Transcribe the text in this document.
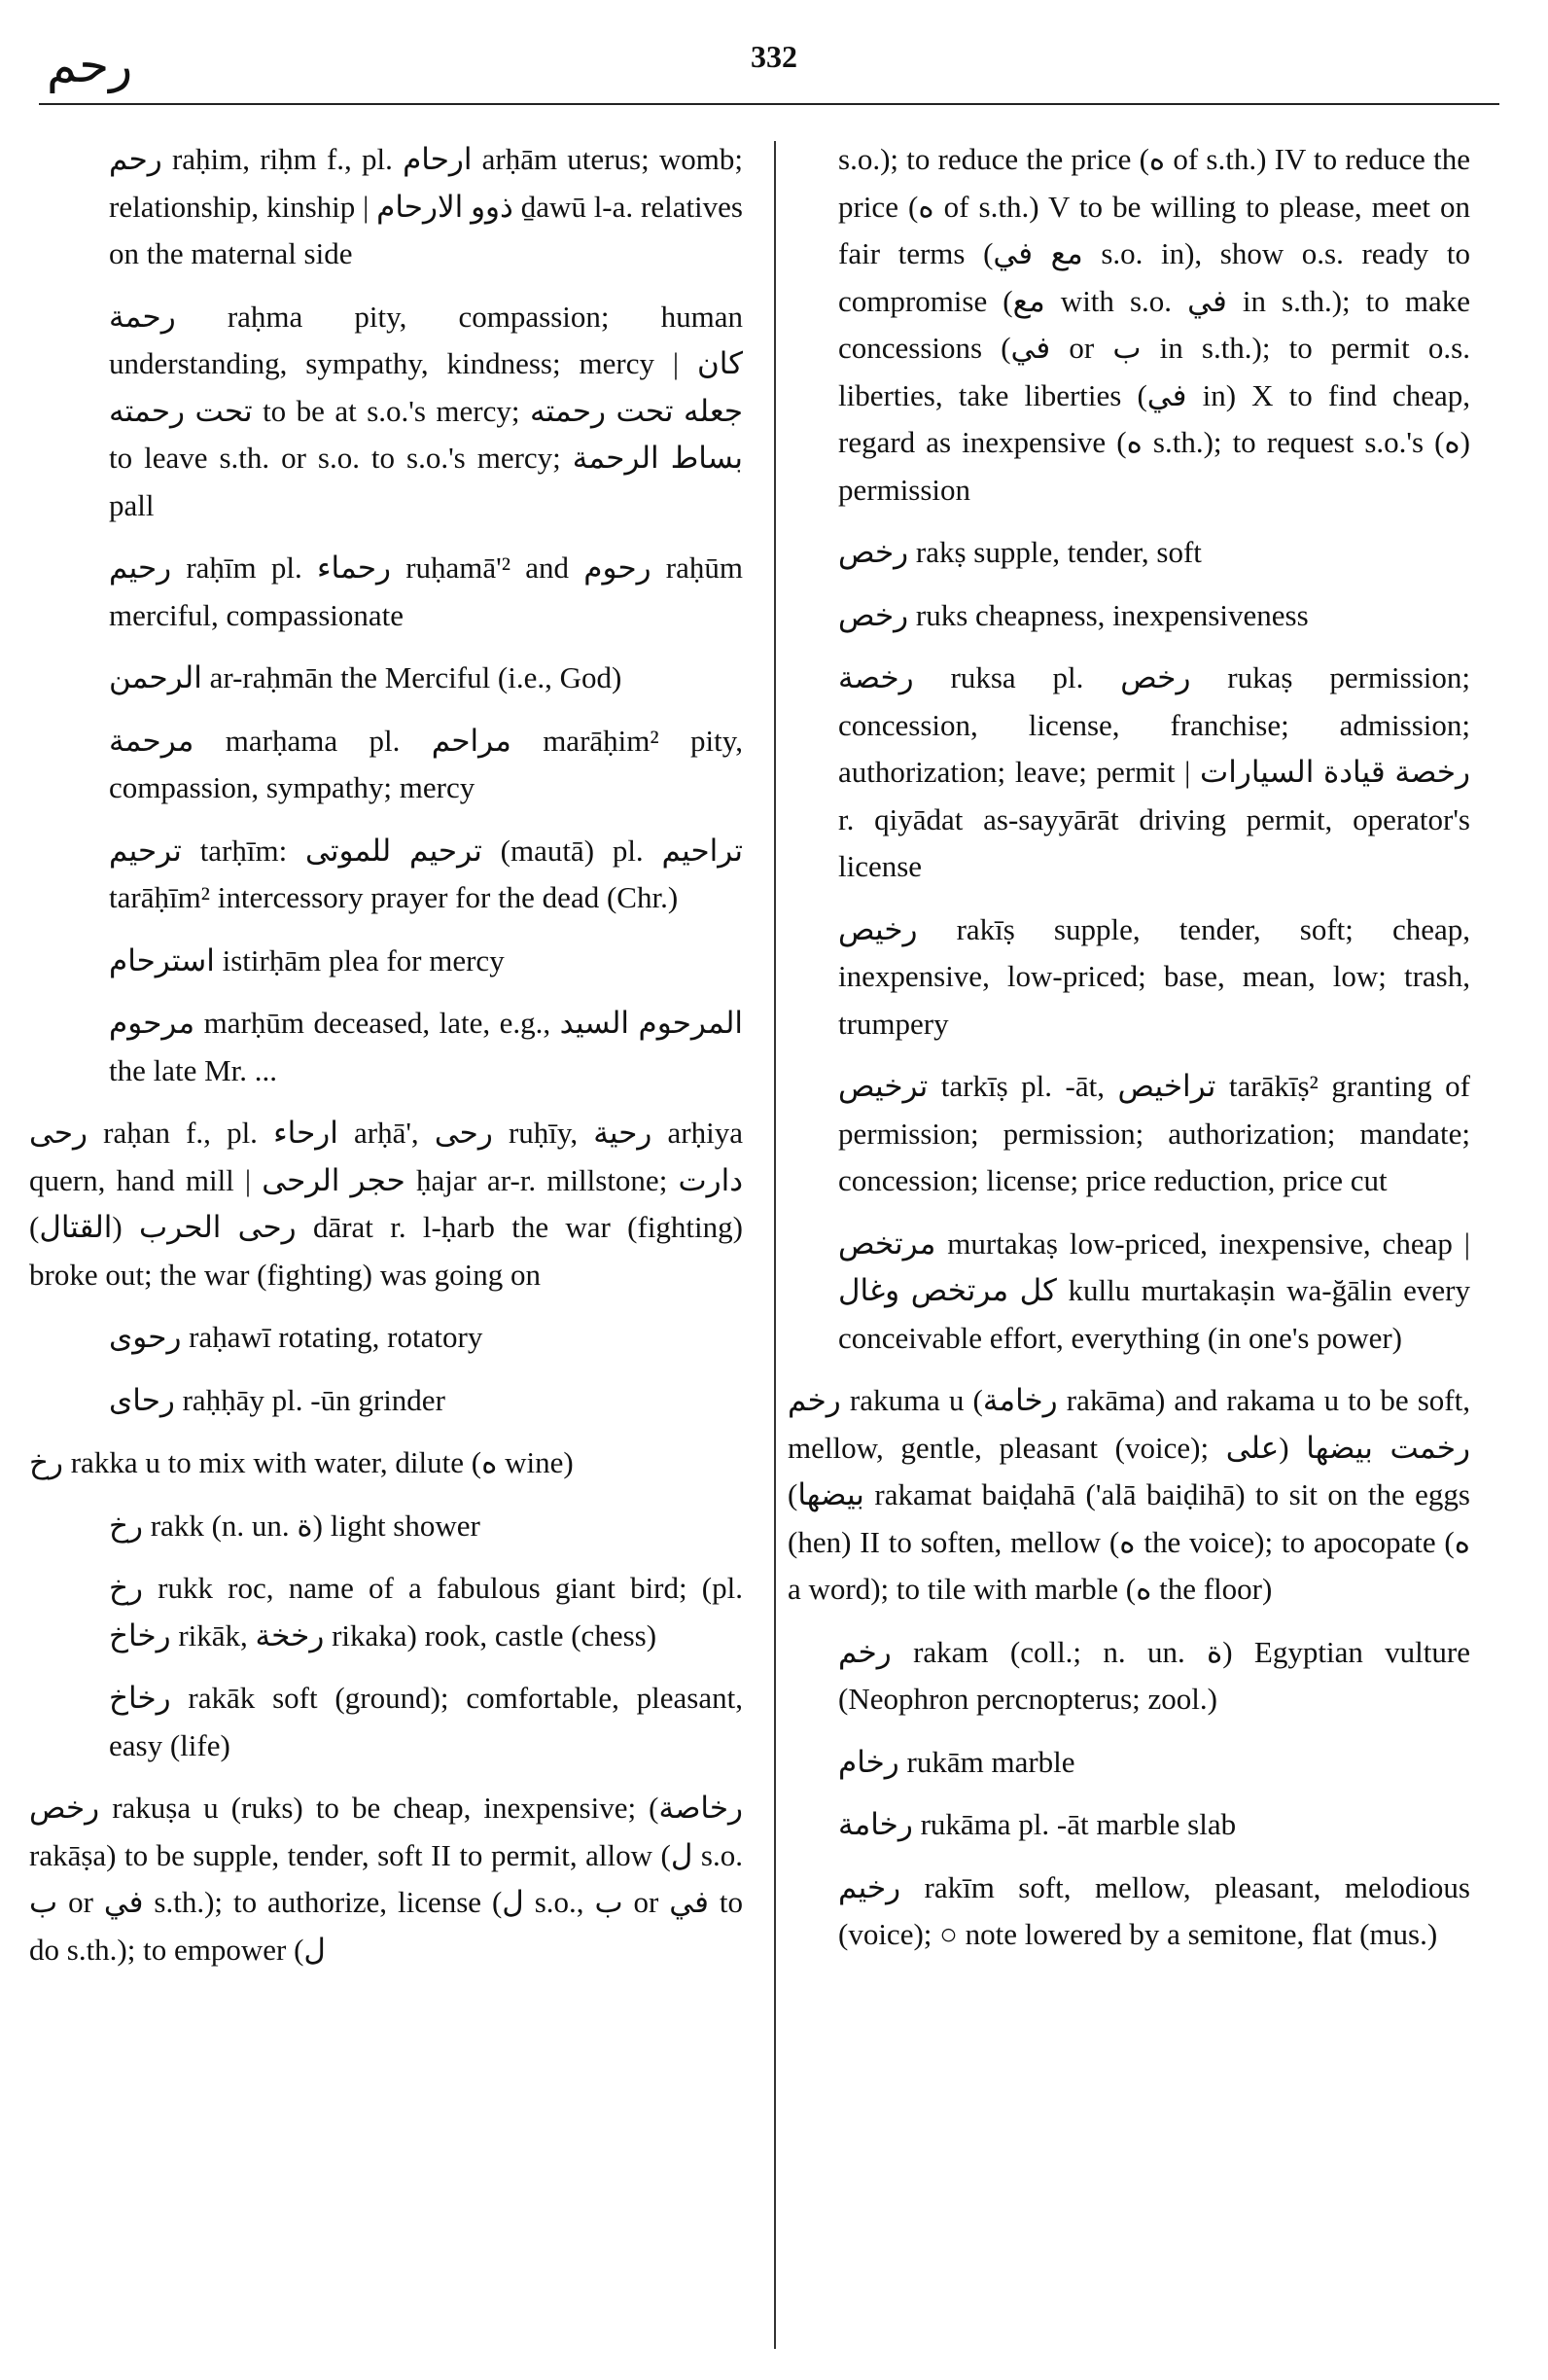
رحم	332

رحم raḥim, riḥm f., pl. ارحام arḥām uterus; womb; relationship, kinship | ذوو الارحام ḏawū l-a. relatives on the maternal side

رحمة raḥma pity, compassion; human understanding, sympathy, kindness; mercy | كان تحت رحمته to be at s.o.'s mercy; جعله تحت رحمته to leave s.th. or s.o. to s.o.'s mercy; بساط الرحمة pall

رحيم raḥīm pl. رحماء ruḥamā'² and رحوم raḥūm merciful, compassionate

الرحمن ar-raḥmān the Merciful (i.e., God)

مرحمة marḥama pl. مراحم marāḥim² pity, compassion, sympathy; mercy

ترحيم tarḥīm: ترحيم للموتى (mautā) pl. تراحيم tarāḥīm² intercessory prayer for the dead (Chr.)

استرحام istirḥām plea for mercy

مرحوم marḥūm deceased, late, e.g., المرحوم السيد the late Mr. ...

رحى raḥan f., pl. ارحاء arḥā', رحى ruḥīy, رحية arḥiya quern, hand mill | حجر الرحى ḥajar ar-r. millstone; دارت رحى الحرب (القتال) dārat r. l-ḥarb the war (fighting) broke out; the war (fighting) was going on

رحوى raḥawī rotating, rotatory

رحاى raḥḥāy pl. -ūn grinder

رخ rakka u to mix with water, dilute (ه wine)

رخ rakk (n. un. ة) light shower

رخ rukk roc, name of a fabulous giant bird; (pl. رخاخ rikāk, رخخة rikaka) rook, castle (chess)

رخاخ rakāk soft (ground); comfortable, pleasant, easy (life)

رخص rakuṣa u (ruks) to be cheap, inexpensive; (رخاصة rakāṣa) to be supple, tender, soft II to permit, allow (ل s.o. ب or في s.th.); to authorize, license (ل s.o., ب or في to do s.th.); to empower (ل

s.o.); to reduce the price (ه of s.th.) IV to reduce the price (ه of s.th.) V to be willing to please, meet on fair terms (مع في s.o. in), show o.s. ready to compromise (مع with s.o. في in s.th.); to make concessions (في or ب in s.th.); to permit o.s. liberties, take liberties (في in) X to find cheap, regard as inexpensive (ه s.th.); to request s.o.'s (ه) permission

رخص rakṣ supple, tender, soft

رخص ruks cheapness, inexpensiveness

رخصة ruksa pl. رخص rukaṣ permission; concession, license, franchise; admission; authorization; leave; permit | رخصة قيادة السيارات r. qiyādat as-sayyārāt driving permit, operator's license

رخيص rakīṣ supple, tender, soft; cheap, inexpensive, low-priced; base, mean, low; trash, trumpery

ترخيص tarkīṣ pl. -āt, تراخيص tarākīṣ² granting of permission; permission; authorization; mandate; concession; license; price reduction, price cut

مرتخص murtakaṣ low-priced, inexpensive, cheap | كل مرتخص وغال kullu murtakaṣin wa-ğālin every conceivable effort, everything (in one's power)

رخم rakuma u (رخامة rakāma) and rakama u to be soft, mellow, gentle, pleasant (voice); رخمت بيضها (على بيضها) rakamat baiḍahā ('alā baiḍihā) to sit on the eggs (hen) II to soften, mellow (ه the voice); to apocopate (ه a word); to tile with marble (ه the floor)

رخم rakam (coll.; n. un. ة) Egyptian vulture (Neophron percnopterus; zool.)

رخام rukām marble

رخامة rukāma pl. -āt marble slab

رخيم rakīm soft, mellow, pleasant, melodious (voice); ○ note lowered by a semitone, flat (mus.)
